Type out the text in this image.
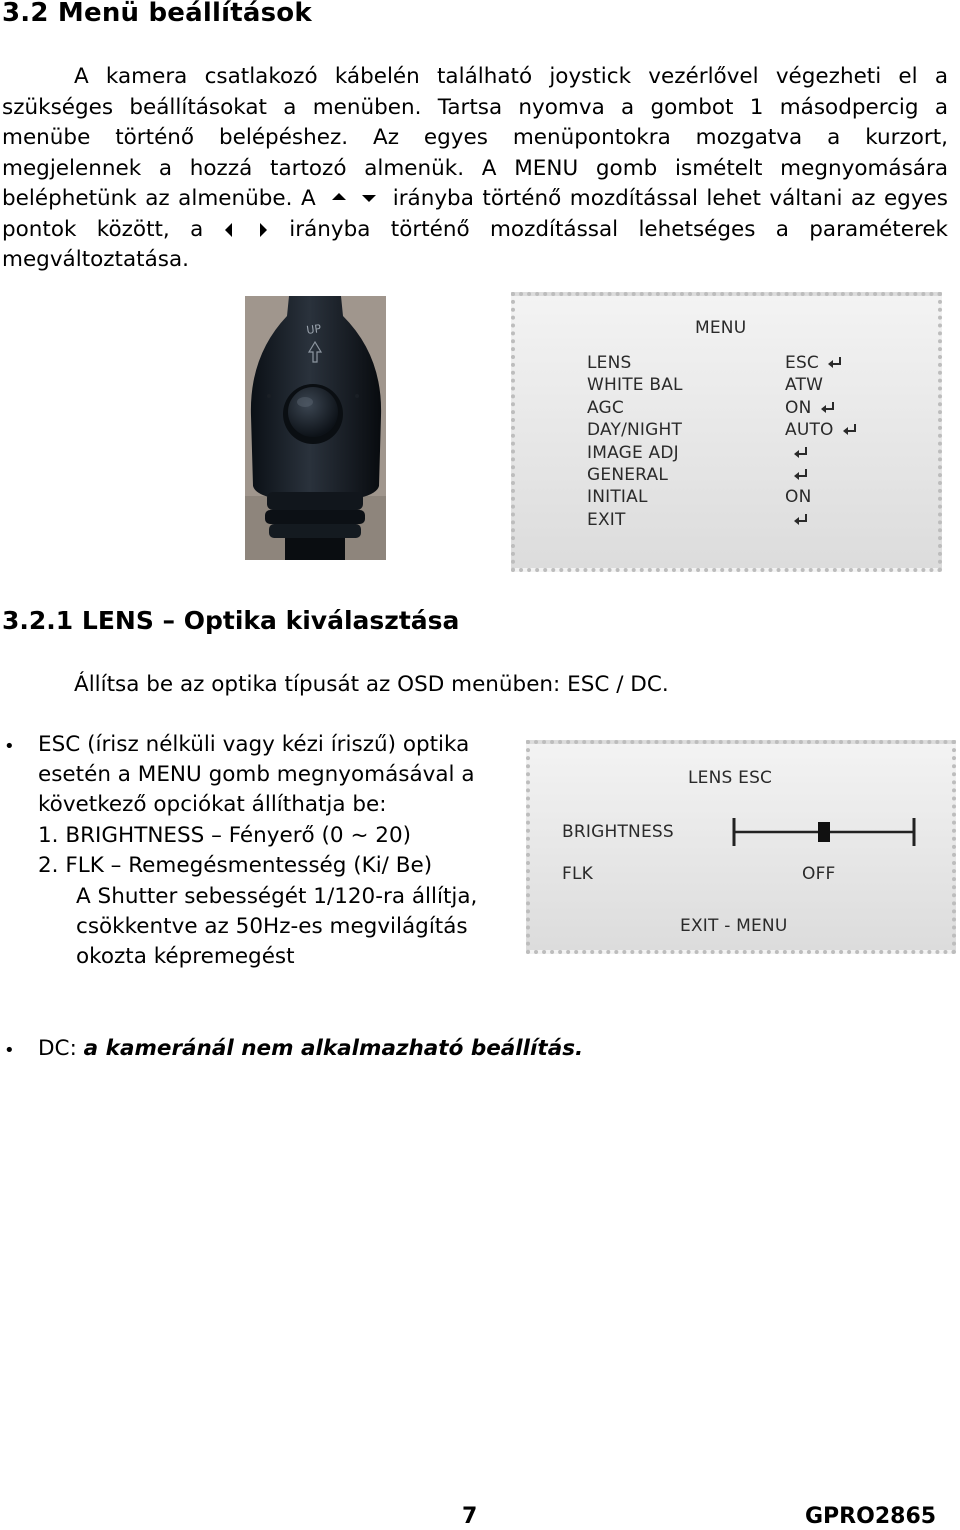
3.2 Menü beállítások

A kamera csatlakozó kábelén található joystick vezérlővel végezheti el a szükséges beállításokat a menüben. Tartsa nyomva a gombot 1 másodpercig a menübe történő belépéshez. Az egyes menüpontokra mozgatva a kurzort, megjelennek a hozzá tartozó almenük. A MENU gomb ismételt megnyomására beléphetünk az almenübe. A	irányba történő mozdítással lehet váltani az egyes pontok között, a	irányba történő mozdítással lehetséges a paraméterek megváltoztatása.

UP	MENU
LENS	ESC
WHITE BAL	ATW
AGC	ON
DAY/NIGHT	AUTO
IMAGE ADJ
GENERAL
INITIAL	ON
EXIT
3.2.1 LENS – Optika kiválasztása
Állítsa be az optika típusát az OSD menüben: ESC / DC.
• ESC (írisz nélküli vagy kézi íriszű) optika
esetén a MENU gomb megnyomásával a
következő opciókat állíthatja be:
1. BRIGHTNESS – Fényerő (0 ~ 20)
2. FLK – Remegésmentesség (Ki/ Be)
A Shutter sebességét 1/120-ra állítja,
csökkentve az 50Hz-es megvilágítás
okozta képremegést
LENS ESC
BRIGHTNESS
FLK	OFF
EXIT - MENU
• DC: a kameránál nem alkalmazható beállítás.
7	GPRO2865
